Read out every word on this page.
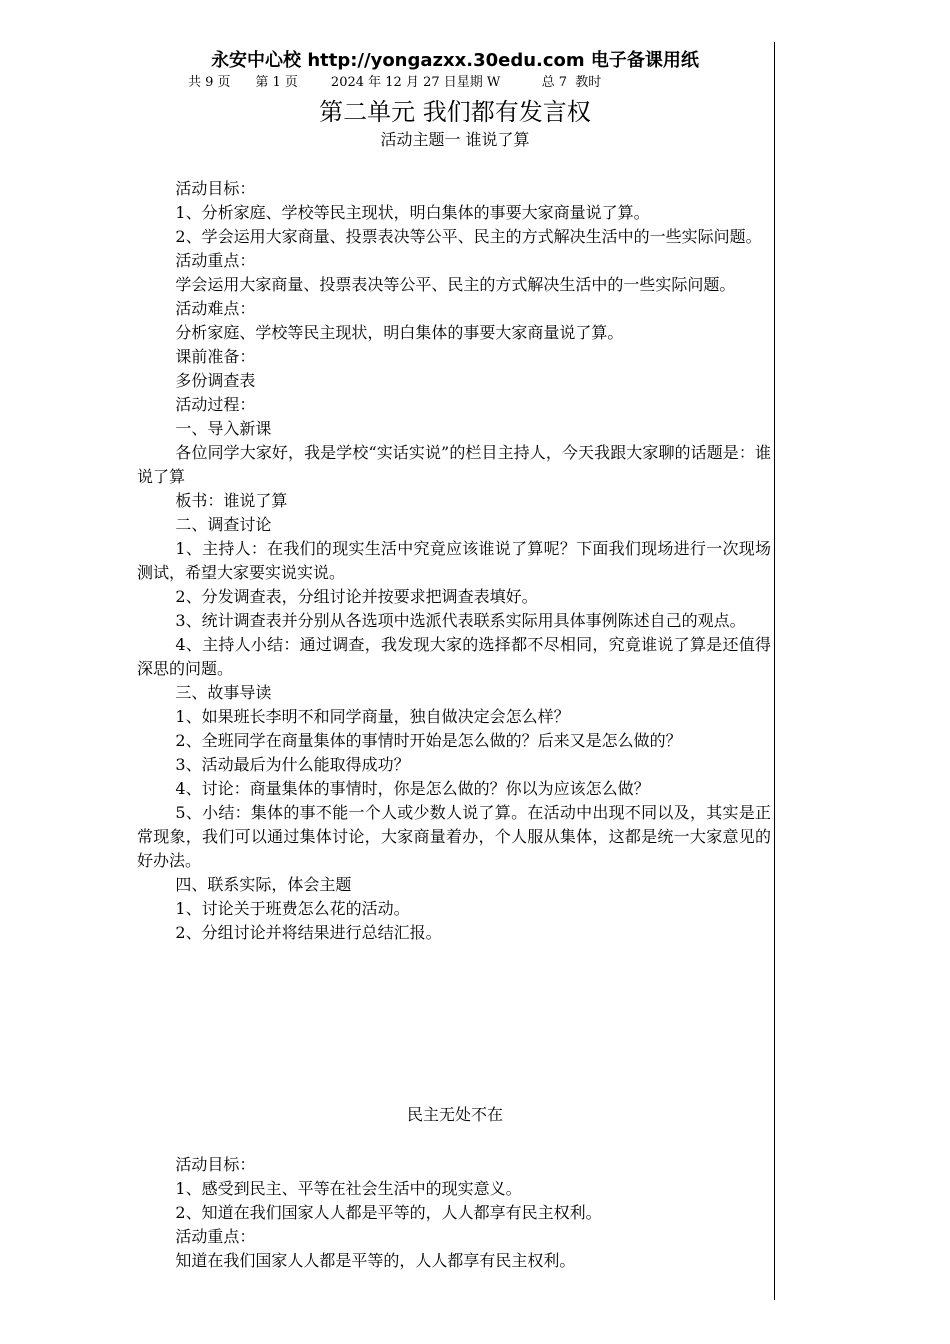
永安中心校 http://yongazxx.30edu.com 电子备课用纸
共 9 页      第 1 页        2024 年 12 月 27 日星期 W          总 7  教时
第二单元 我们都有发言权
活动主题一 谁说了算

活动目标：

1、分析家庭、学校等民主现状，明白集体的事要大家商量说了算。

2、学会运用大家商量、投票表决等公平、民主的方式解决生活中的一些实际问题。

活动重点：

学会运用大家商量、投票表决等公平、民主的方式解决生活中的一些实际问题。

活动难点：

分析家庭、学校等民主现状，明白集体的事要大家商量说了算。

课前准备：

多份调查表

活动过程：

一、导入新课

各位同学大家好，我是学校“实话实说”的栏目主持人，今天我跟大家聊的话题是：谁说了算

板书：谁说了算

二、调查讨论

1、主持人：在我们的现实生活中究竟应该谁说了算呢？下面我们现场进行一次现场测试，希望大家要实说实说。

2、分发调查表，分组讨论并按要求把调查表填好。

3、统计调查表并分别从各选项中选派代表联系实际用具体事例陈述自己的观点。

4、主持人小结：通过调查，我发现大家的选择都不尽相同，究竟谁说了算是还值得深思的问题。

三、故事导读

1、如果班长李明不和同学商量，独自做决定会怎么样？

2、全班同学在商量集体的事情时开始是怎么做的？后来又是怎么做的？

3、活动最后为什么能取得成功？

4、讨论：商量集体的事情时，你是怎么做的？你以为应该怎么做？

5、小结：集体的事不能一个人或少数人说了算。在活动中出现不同以及，其实是正常现象，我们可以通过集体讨论，大家商量着办，个人服从集体，这都是统一大家意见的好办法。

四、联系实际，体会主题

1、讨论关于班费怎么花的活动。

2、分组讨论并将结果进行总结汇报。

民主无处不在

活动目标：

1、感受到民主、平等在社会生活中的现实意义。

2、知道在我们国家人人都是平等的，人人都享有民主权利。

活动重点：

知道在我们国家人人都是平等的，人人都享有民主权利。
